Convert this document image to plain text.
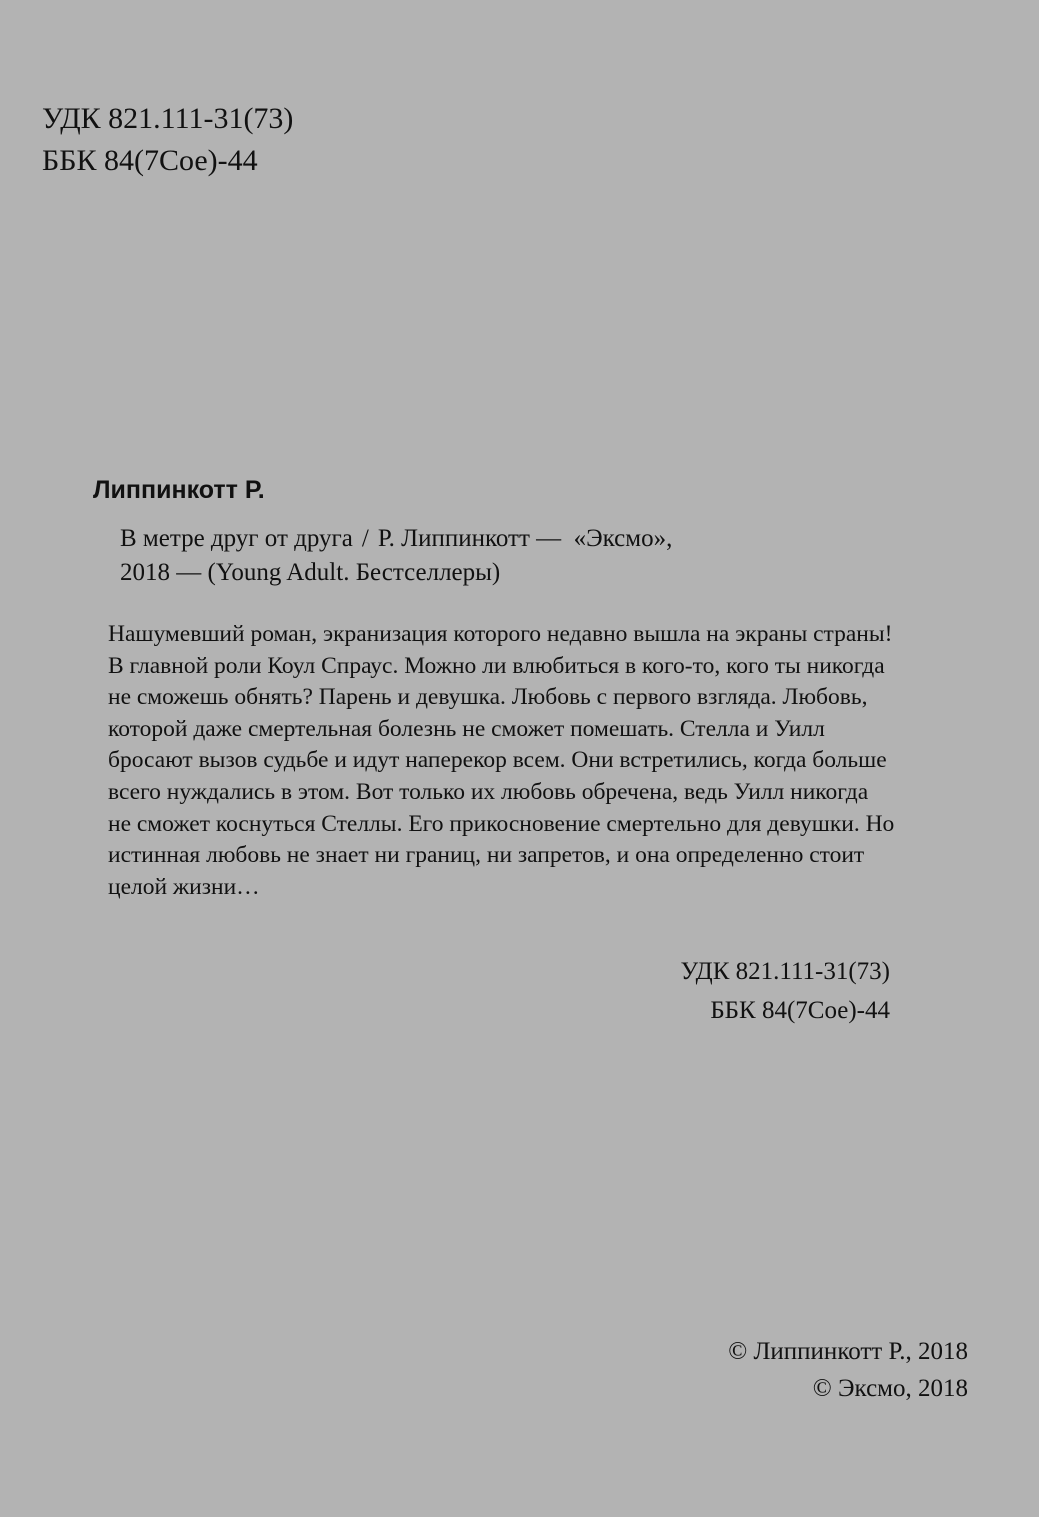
УДК 821.111-31(73)
ББК 84(7Сое)-44
Липпинкотт Р.
В метре друг от друга / Р. Липпинкотт — «Эксмо»,
2018 — (Young Adult. Бестселлеры)
Нашумевший роман, экранизация которого недавно вышла на экраны страны!
В главной роли Коул Спраус. Можно ли влюбиться в кого-то, кого ты никогда
не сможешь обнять? Парень и девушка. Любовь с первого взгляда. Любовь,
которой даже смертельная болезнь не сможет помешать. Стелла и Уилл
бросают вызов судьбе и идут наперекор всем. Они встретились, когда больше
всего нуждались в этом. Вот только их любовь обречена, ведь Уилл никогда
не сможет коснуться Стеллы. Его прикосновение смертельно для девушки. Но
истинная любовь не знает ни границ, ни запретов, и она определенно стоит
целой жизни…
УДК 821.111-31(73)
ББК 84(7Сое)-44
© Липпинкотт Р., 2018
© Эксмо, 2018
